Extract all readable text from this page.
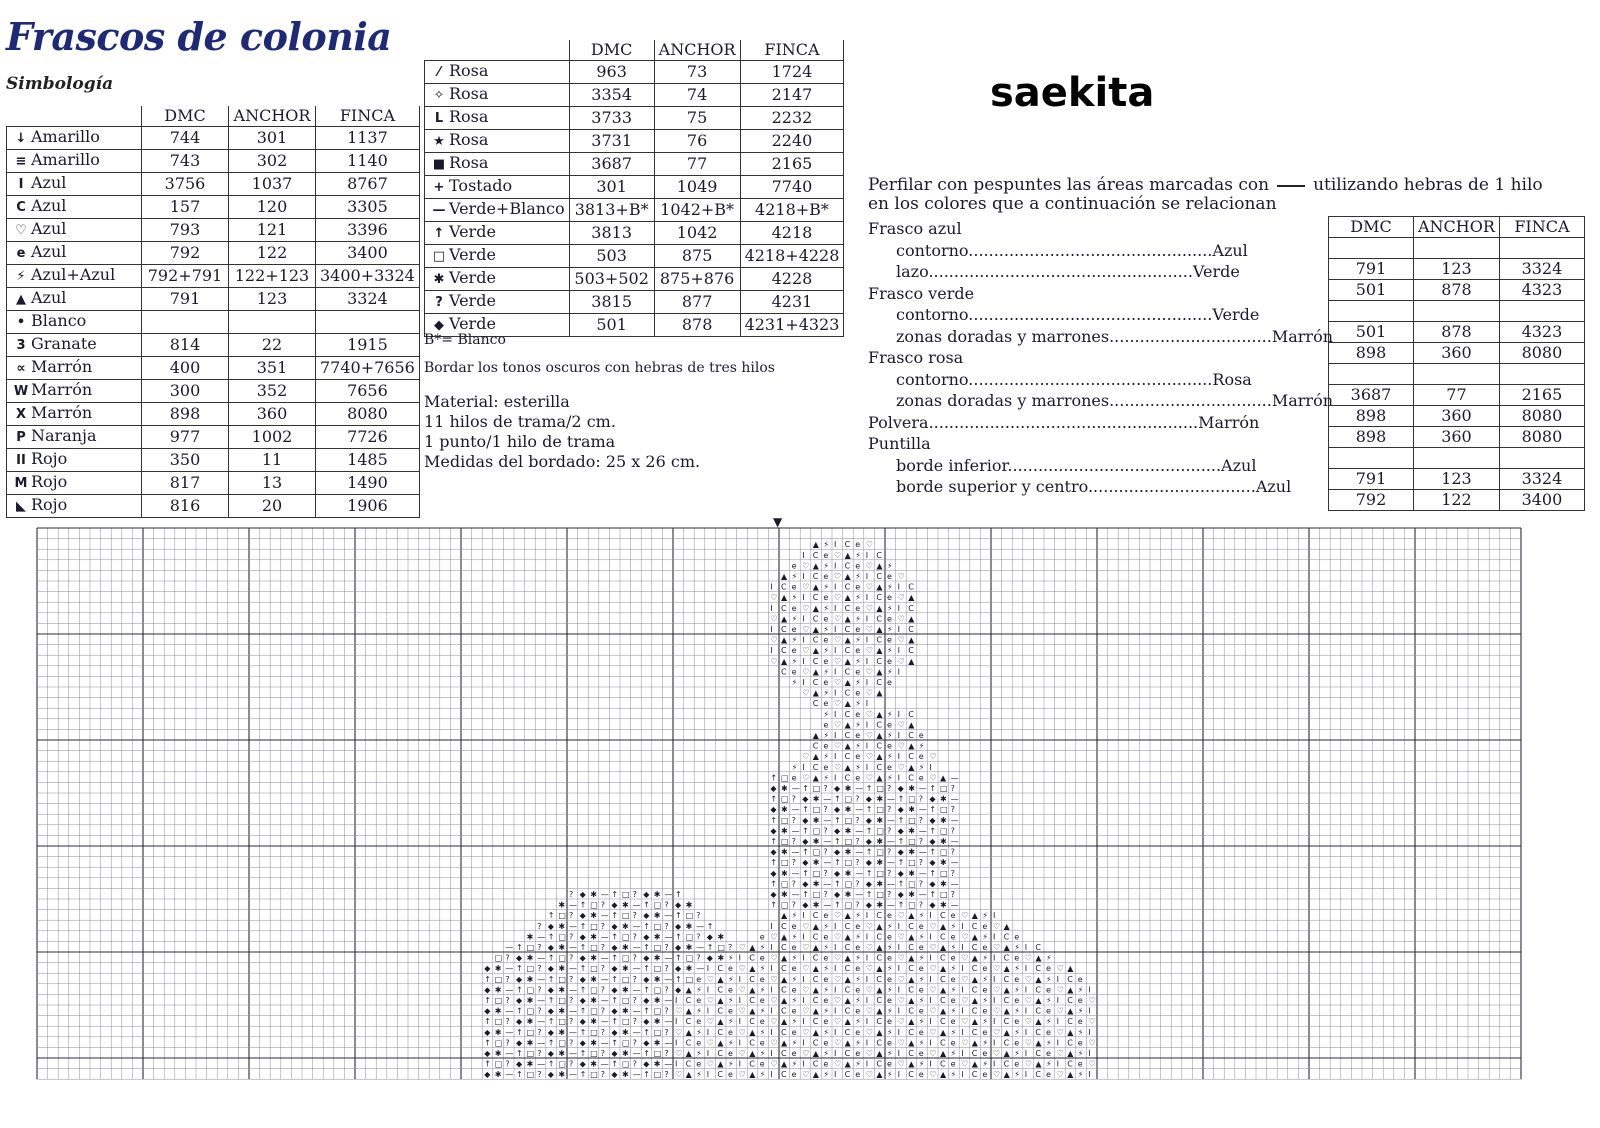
Frascos de colonia
Simbología	saekita
	DMC	ANCHOR	FINCA
↓ Amarillo	744	301	1137
≡ Amarillo	743	302	1140
I Azul	3756	1037	8767
C Azul	157	120	3305
♡ Azul	793	121	3396
e Azul	792	122	3400
⚡ Azul+Azul	792+791	122+123	3400+3324
▲ Azul	791	123	3324
• Blanco			
3 Granate	814	22	1915
∝ Marrón	400	351	7740+7656
W Marrón	300	352	7656
X Marrón	898	360	8080
P Naranja	977	1002	7726
II Rojo	350	11	1485
M Rojo	817	13	1490
◣ Rojo	816	20	1906
	DMC	ANCHOR	FINCA
⁄ Rosa	963	73	1724
✧ Rosa	3354	74	2147
L Rosa	3733	75	2232
★ Rosa	3731	76	2240
■ Rosa	3687	77	2165
+ Tostado	301	1049	7740
— Verde+Blanco	3813+B*	1042+B*	4218+B*
↑ Verde	3813	1042	4218
□ Verde	503	875	4218+4228
✱ Verde	503+502	875+876	4228
? Verde	3815	877	4231
◆ Verde	501	878	4231+4323
B*= Blanco
Bordar los tonos oscuros con hebras de tres hilos
Material: esterilla
11 hilos de trama/2 cm.
1 punto/1 hilo de trama
Medidas del bordado: 25 x 26 cm.
Perfilar con pespuntes las áreas marcadas con	utilizando hebras de 1 hilo
en los colores que a continuación se relacionan
Frasco azul
contorno................................................Azul
lazo....................................................Verde
Frasco verde
contorno................................................Verde
zonas doradas y marrones................................Marrón
Frasco rosa
contorno................................................Rosa
zonas doradas y marrones................................Marrón
Polvera.....................................................Marrón
Puntilla
borde inferior..........................................Azul
borde superior y centro.................................Azul
DMC	ANCHOR	FINCA

791	123	3324
501	878	4323

501	878	4323
898	360	8080

3687	77	2165
898	360	8080
898	360	8080

791	123	3324
792	122	3400
▼
▲ ⚡ I C e ♡
I C e ♡ ▲ ⚡ I C
e ♡ ▲ ⚡ I C e ♡ ▲ ⚡
▲ ⚡ I C e ♡ ▲ ⚡ I C e ♡
I C e ♡ ▲ ⚡ I C e ♡ ▲ ⚡ I C
♡ ▲ ⚡ I C e ♡ ▲ ⚡ I C e ♡ ▲
I C e ♡ ▲ ⚡ I C e ♡ ▲ ⚡ I C
♡ ▲ ⚡ I C e ♡ ▲ ⚡ I C e ♡ ▲
I C e ♡ ▲ ⚡ I C e ♡ ▲ ⚡ I C
♡ ▲ ⚡ I C e ♡ ▲ ⚡ I C e ♡ ▲
I C e ♡ ▲ ⚡ I C e ♡ ▲ ⚡ I C
♡ ▲ ⚡ I C e ♡ ▲ ⚡ I C e ♡ ▲
C e ♡ ▲ ⚡ I C e ♡ ▲ ⚡ I
⚡ I C e ♡ ▲ ⚡ I C e
♡ ▲ ⚡ I C e ♡ ▲
C e ♡ ▲ ⚡ I
⚡ I C e ♡ ▲ ⚡ I C
e ♡ ▲ ⚡ I C e ♡ ▲
▲ ⚡ I C e ♡ ▲ ⚡ I C e
C e ♡ ▲ ⚡ I C e ♡ ▲ ⚡
♡ ▲ ⚡ I C e ♡ ▲ ⚡ I C e ♡
⚡ I C e ♡ ▲ ⚡ I C e ♡ ▲ ⚡ I
↑ □ e ♡ ▲ ⚡ I C e ♡ ▲ ⚡ I C e ♡ ▲ —
◆ ✱ — ↑ □ ? ◆ ✱ — ↑ □ ? ◆ ✱ — ↑ □ ?
↑ □ ? ◆ ✱ — ↑ □ ? ◆ ✱ — ↑ □ ? ◆ ✱ —
◆ ✱ — ↑ □ ? ◆ ✱ — ↑ □ ? ◆ ✱ — ↑ □ ?
↑ □ ? ◆ ✱ — ↑ □ ? ◆ ✱ — ↑ □ ? ◆ ✱ —
◆ ✱ — ↑ □ ? ◆ ✱ — ↑ □ ? ◆ ✱ — ↑ □ ?
↑ □ ? ◆ ✱ — ↑ □ ? ◆ ✱ — ↑ □ ? ◆ ✱ —
◆ ✱ — ↑ □ ? ◆ ✱ — ↑ □ ? ◆ ✱ — ↑ □ ?
↑ □ ? ◆ ✱ — ↑ □ ? ◆ ✱ — ↑ □ ? ◆ ✱ —
◆ ✱ — ↑ □ ? ◆ ✱ — ↑ □ ? ◆ ✱ — ↑ □ ?
↑ □ ? ◆ ✱ — ↑ □ ? ◆ ✱ — ↑ □ ? ◆ ✱ —
? ◆ ✱ — ↑ □ ? ◆ ✱ — ↑	◆ ✱ — ↑ □ ? ◆ ✱ — ↑ □ ? ◆ ✱ — ↑ □ ?
✱ — ↑ □ ? ◆ ✱ — ↑ □ ? ◆ ✱	↑ □ ? ◆ ✱ — ↑ □ ? ◆ ✱ — ↑ □ ? ◆ ✱ —
↑ □ ? ◆ ✱ — ↑ □ ? ◆ ✱ — ↑ □ ?	▲ ⚡ I C e ♡ ▲ ⚡ I C e ♡ ▲ ⚡ I C e ♡ ▲ ⚡ I
? ◆ ✱ — ↑ □ ? ◆ ✱ — ↑ □ ? ◆ ✱ — ↑	I C e ♡ ▲ ⚡ I C e ♡ ▲ ⚡ I C e ♡ ▲ ⚡ I C e ♡ ▲
✱ — ↑ □ ? ◆ ✱ — ↑ □ ? ◆ ✱ — ↑ □ ? ◆ ✱	e ♡ ▲ ⚡ I C e ♡ ▲ ⚡ I C e ♡ ▲ ⚡ I C e ♡ ▲ ⚡ I C e
— ↑ □ ? ◆ ✱ — ↑ □ ? ◆ ✱ — ↑ □ ? ◆ ✱ — ↑ □ ? ♡ ▲ ⚡ I C e ♡ ▲ ⚡ I C e ♡ ▲ ⚡ I C e ♡ ▲ ⚡ I C e ♡ ▲ ⚡ I C
□ ? ◆ ✱ — ↑ □ ? ◆ ✱ — ↑ □ ? ◆ ✱ — ↑ □ ? ◆ ✱ ⚡ I C e ♡ ▲ ⚡ I C e ♡ ▲ ⚡ I C e ♡ ▲ ⚡ I C e ♡ ▲ ⚡ I C e ♡ ▲ ⚡
◆ ✱ — ↑ □ ? ◆ ✱ — ↑ □ ? ◆ ✱ — ↑ □ ? ◆ ✱ — I C e ♡ ▲ ⚡ I C e ♡ ▲ ⚡ I C e ♡ ▲ ⚡ I C e ♡ ▲ ⚡ I C e ♡ ▲ ⚡ I C e ♡ ▲
↑ □ ? ◆ ✱ — ↑ □ ? ◆ ✱ — ↑ □ ? ◆ ✱ — ↑ □ e ♡ ▲ ⚡ I C e ♡ ▲ ⚡ I C e ♡ ▲ ⚡ I C e ♡ ▲ ⚡ I C e ♡ ▲ ⚡ I C e ♡ ▲ ⚡ I C e
◆ ✱ — ↑ □ ? ◆ ✱ — ↑ □ ? ◆ ✱ — ↑ □ ? ◆ ▲ ⚡ I C e ♡ ▲ ⚡ I C e ♡ ▲ ⚡ I C e ♡ ▲ ⚡ I C e ♡ ▲ ⚡ I C e ♡ ▲ ⚡ I C e ♡ ▲ ⚡ I
↑ □ ? ◆ ✱ — ↑ □ ? ◆ ✱ — ↑ □ ? ◆ ✱ — I C e ♡ ▲ ⚡ I C e ♡ ▲ ⚡ I C e ♡ ▲ ⚡ I C e ♡ ▲ ⚡ I C e ♡ ▲ ⚡ I C e ♡ ▲ ⚡ I C e ♡
◆ ✱ — ↑ □ ? ◆ ✱ — ↑ □ ? ◆ ✱ — ↑ □ ? ♡ ▲ ⚡ I C e ♡ ▲ ⚡ I C e ♡ ▲ ⚡ I C e ♡ ▲ ⚡ I C e ♡ ▲ ⚡ I C e ♡ ▲ ⚡ I C e ♡ ▲ ⚡ I
↑ □ ? ◆ ✱ — ↑ □ ? ◆ ✱ — ↑ □ ? ◆ ✱ — I C e ♡ ▲ ⚡ I C e ♡ ▲ ⚡ I C e ♡ ▲ ⚡ I C e ♡ ▲ ⚡ I C e ♡ ▲ ⚡ I C e ♡ ▲ ⚡ I C e ♡
◆ ✱ — ↑ □ ? ◆ ✱ — ↑ □ ? ◆ ✱ — ↑ □ ? ♡ ▲ ⚡ I C e ♡ ▲ ⚡ I C e ♡ ▲ ⚡ I C e ♡ ▲ ⚡ I C e ♡ ▲ ⚡ I C e ♡ ▲ ⚡ I C e ♡ ▲ ⚡ I
↑ □ ? ◆ ✱ — ↑ □ ? ◆ ✱ — ↑ □ ? ◆ ✱ — I C e ♡ ▲ ⚡ I C e ♡ ▲ ⚡ I C e ♡ ▲ ⚡ I C e ♡ ▲ ⚡ I C e ♡ ▲ ⚡ I C e ♡ ▲ ⚡ I C e ♡
◆ ✱ — ↑ □ ? ◆ ✱ — ↑ □ ? ◆ ✱ — ↑ □ ? ♡ ▲ ⚡ I C e ♡ ▲ ⚡ I C e ♡ ▲ ⚡ I C e ♡ ▲ ⚡ I C e ♡ ▲ ⚡ I C e ♡ ▲ ⚡ I C e ♡ ▲ ⚡ I
↑ □ ? ◆ ✱ — ↑ □ ? ◆ ✱ — ↑ □ ? ◆ ✱ — I C e ♡ ▲ ⚡ I C e ♡ ▲ ⚡ I C e ♡ ▲ ⚡ I C e ♡ ▲ ⚡ I C e ♡ ▲ ⚡ I C e ♡ ▲ ⚡ I C e ♡
◆ ✱ — ↑ □ ? ◆ ✱ — ↑ □ ? ◆ ✱ — ↑ □ ? ♡ ▲ ⚡ I C e ♡ ▲ ⚡ I C e ♡ ▲ ⚡ I C e ♡ ▲ ⚡ I C e ♡ ▲ ⚡ I C e ♡ ▲ ⚡ I C e ♡ ▲ ⚡ I
